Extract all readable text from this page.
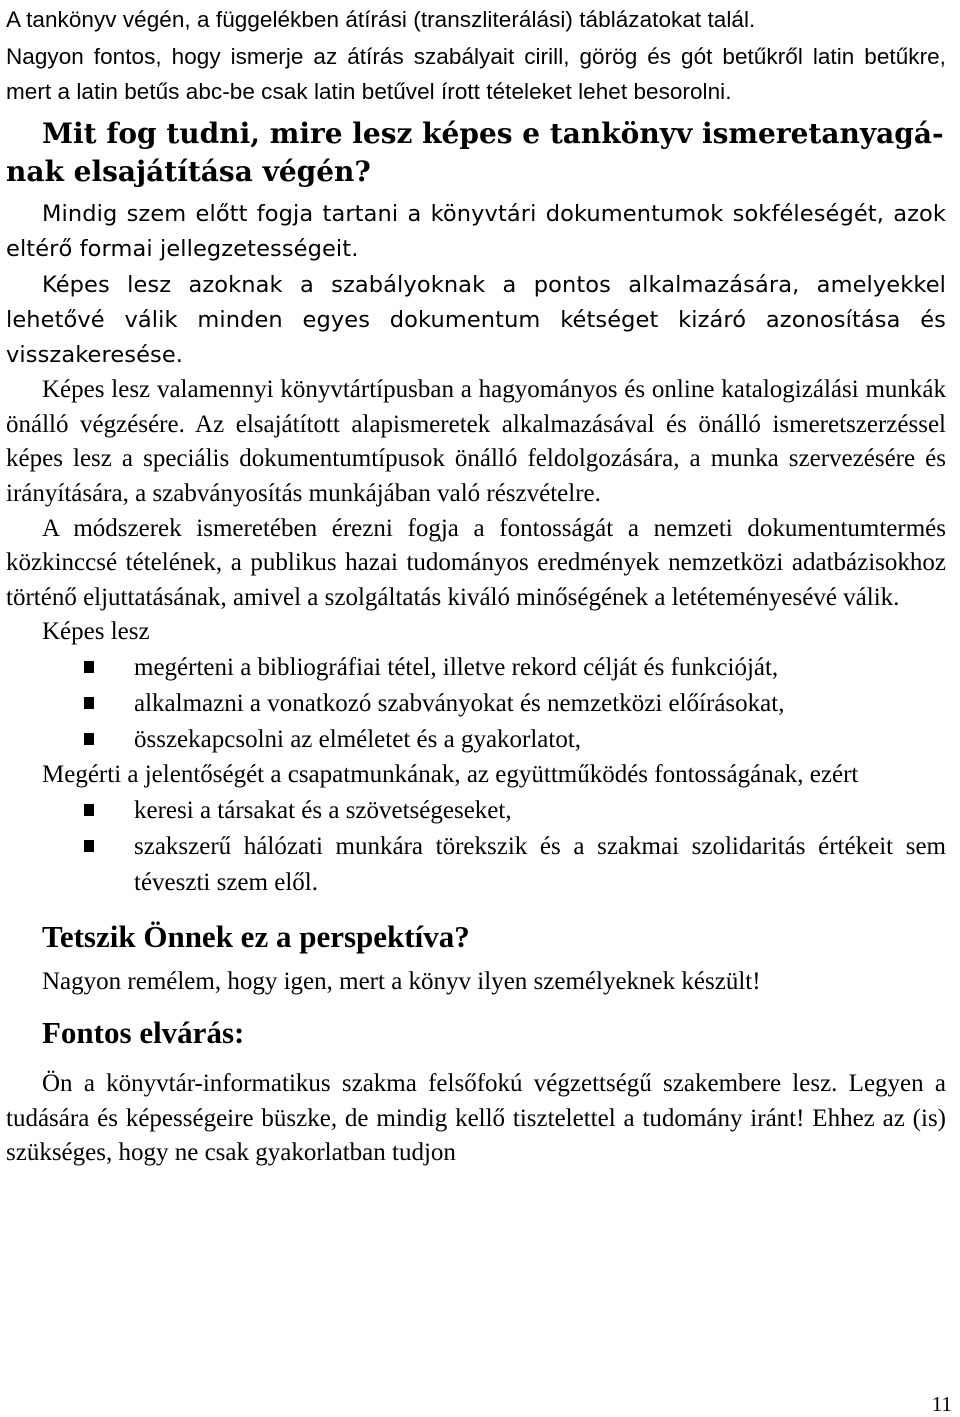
A tankönyv végén, a függelékben átírási (transzliterálási) táblázatokat talál.

Nagyon fontos, hogy ismerje az átírás szabályait cirill, görög és gót betűkről latin betűkre, mert a latin betűs abc-be csak latin betűvel írott tételeket lehet besorolni.

Mit fog tudni, mire lesz képes e tankönyv ismeretanyagá-
nak elsajátítása végén?

Mindig szem előtt fogja tartani a könyvtári dokumentumok sokféleségét, azok eltérő formai jellegzetességeit.

Képes lesz azoknak a szabályoknak a pontos alkalmazására, amelyekkel lehetővé válik minden egyes dokumentum kétséget kizáró azonosítása és visszakeresése.

Képes lesz valamennyi könyvtártípusban a hagyományos és online katalogizálási munkák önálló végzésére. Az elsajátított alapismeretek alkalmazásával és önálló ismeretszerzéssel képes lesz a speciális dokumentumtípusok önálló feldolgozására, a munka szervezésére és irányítására, a szabványosítás munkájában való részvételre.

A módszerek ismeretében érezni fogja a fontosságát a nemzeti dokumentumtermés közkinccsé tételének, a publikus hazai tudományos eredmények nemzetközi adatbázisokhoz történő eljuttatásának, amivel a szolgáltatás kiváló minőségének a letéteményesévé válik.

Képes lesz

megérteni a bibliográfiai tétel, illetve rekord célját és funkcióját,
alkalmazni a vonatkozó szabványokat és nemzetközi előírásokat,
összekapcsolni az elméletet és a gyakorlatot,

Megérti a jelentőségét a csapatmunkának, az együttműködés fontosságának, ezért

keresi a társakat és a szövetségeseket,
szakszerű hálózati munkára törekszik és a szakmai szolidaritás értékeit sem téveszti szem elől.

Tetszik Önnek ez a perspektíva?

Nagyon remélem, hogy igen, mert a könyv ilyen személyeknek készült!

Fontos elvárás:

Ön a könyvtár-informatikus szakma felsőfokú végzettségű szakembere lesz. Legyen a tudására és képességeire büszke, de mindig kellő tisztelettel a tudomány iránt! Ehhez az (is) szükséges, hogy ne csak gyakorlatban tudjon

11
